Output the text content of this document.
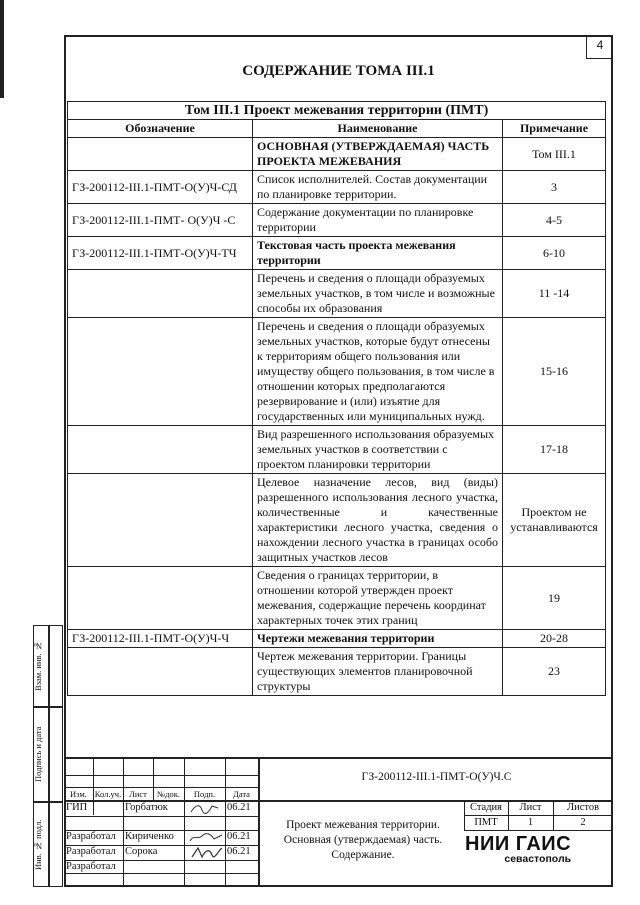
4
СОДЕРЖАНИЕ ТОМА III.1
Том III.1 Проект межевания территории (ПМТ)		
Обозначение	Наименование	Примечание
	ОСНОВНАЯ (УТВЕРЖДАЕМАЯ) ЧАСТЬ ПРОЕКТА МЕЖЕВАНИЯ	Том III.1
ГЗ-200112-III.1-ПМТ-О(У)Ч-СД	Список исполнителей. Состав документации по планировке территории.	3
ГЗ-200112-III.1-ПМТ- О(У)Ч -С	Содержание документации по планировке территории	4-5
ГЗ-200112-III.1-ПМТ-О(У)Ч-ТЧ	Текстовая часть проекта межевания территории	6-10
	Перечень и сведения о площади образуемых земельных участков, в том числе и возможные способы их образования	11 -14
	Перечень и сведения о площади образуемых земельных участков, которые будут отнесены к территориям общего пользования или имуществу общего пользования, в том числе в отношении которых предполагаются резервирование и (или) изъятие для государственных или муниципальных нужд.	15-16
	Вид разрешенного использования образуемых земельных участков в соответствии с проектом планировки территории	17-18
	Целевое назначение лесов, вид (виды) разрешенного использования лесного участка, количественные и качественные характеристики лесного участка, сведения о нахождении лесного участка в границах особо защитных участков лесов	Проектом не устанавливаются
	Сведения о границах территории, в отношении которой утвержден проект межевания, содержащие перечень координат характерных точек этих границ	19
ГЗ-200112-III.1-ПМТ-О(У)Ч-Ч	Чертежи межевания территории	20-28
	Чертеж межевания территории. Границы существующих элементов планировочной структуры	23
Взам. инв. №
Подпись и дата
Инв. № подл.
Изм. Кол.уч. Лист	№док.	Подп.	Дата
ГЗ-200112-III.1-ПМТ-О(У)Ч.С
ГИП	Горбатюк	06.21
Разработал Кириченко	06.21
Разработал Сорока	06.21
Разработал
Проект межевания территории. Основная (утверждаемая) часть. Содержание.
Стадия	Лист	Листов
ПМТ	1	2
НИИ ГАИС
севастополь
